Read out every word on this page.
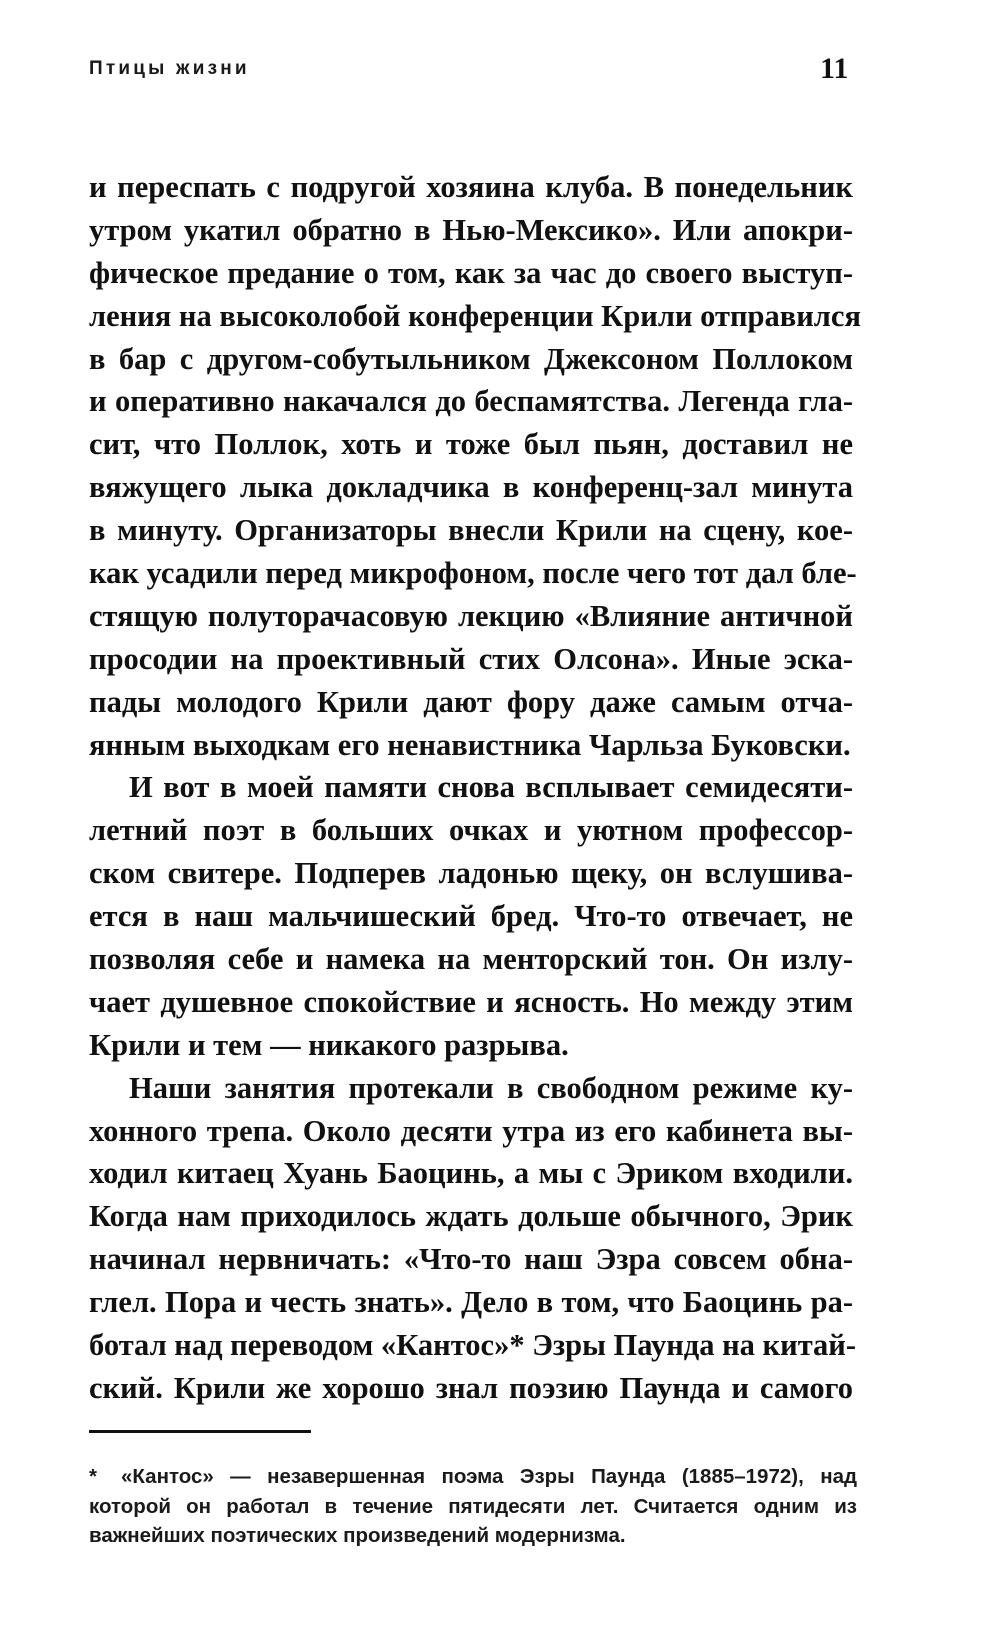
Птицы жизни	11
и переспать с подругой хозяина клуба. В понедельник
утром укатил обратно в Нью-Мексико». Или апокри-
фическое предание о том, как за час до своего выступ-
ления на высоколобой конференции Крили отправился
в бар с другом-собутыльником Джексоном Поллоком
и оперативно накачался до беспамятства. Легенда гла-
сит, что Поллок, хоть и тоже был пьян, доставил не
вяжущего лыка докладчика в конференц-зал минута
в минуту. Организаторы внесли Крили на сцену, кое-
как усадили перед микрофоном, после чего тот дал бле-
стящую полуторачасовую лекцию «Влияние античной
просодии на проективный стих Олсона». Иные эска-
пады молодого Крили дают фору даже самым отча-
янным выходкам его ненавистника Чарльза Буковски.
И вот в моей памяти снова всплывает семидесяти-
летний поэт в больших очках и уютном профессор-
ском свитере. Подперев ладонью щеку, он вслушива-
ется в наш мальчишеский бред. Что-то отвечает, не
позволяя себе и намека на менторский тон. Он излу-
чает душевное спокойствие и ясность. Но между этим
Крили и тем — никакого разрыва.
Наши занятия протекали в свободном режиме ку-
хонного трепа. Около десяти утра из его кабинета вы-
ходил китаец Хуань Баоцинь, а мы с Эриком входили.
Когда нам приходилось ждать дольше обычного, Эрик
начинал нервничать: «Что-то наш Эзра совсем обна-
глел. Пора и честь знать». Дело в том, что Баоцинь ра-
ботал над переводом «Кантос»* Эзры Паунда на китай-
ский. Крили же хорошо знал поэзию Паунда и самого
* «Кантос» — незавершенная поэма Эзры Паунда (1885–1972), над
которой он работал в течение пятидесяти лет. Считается одним из
важнейших поэтических произведений модернизма.
